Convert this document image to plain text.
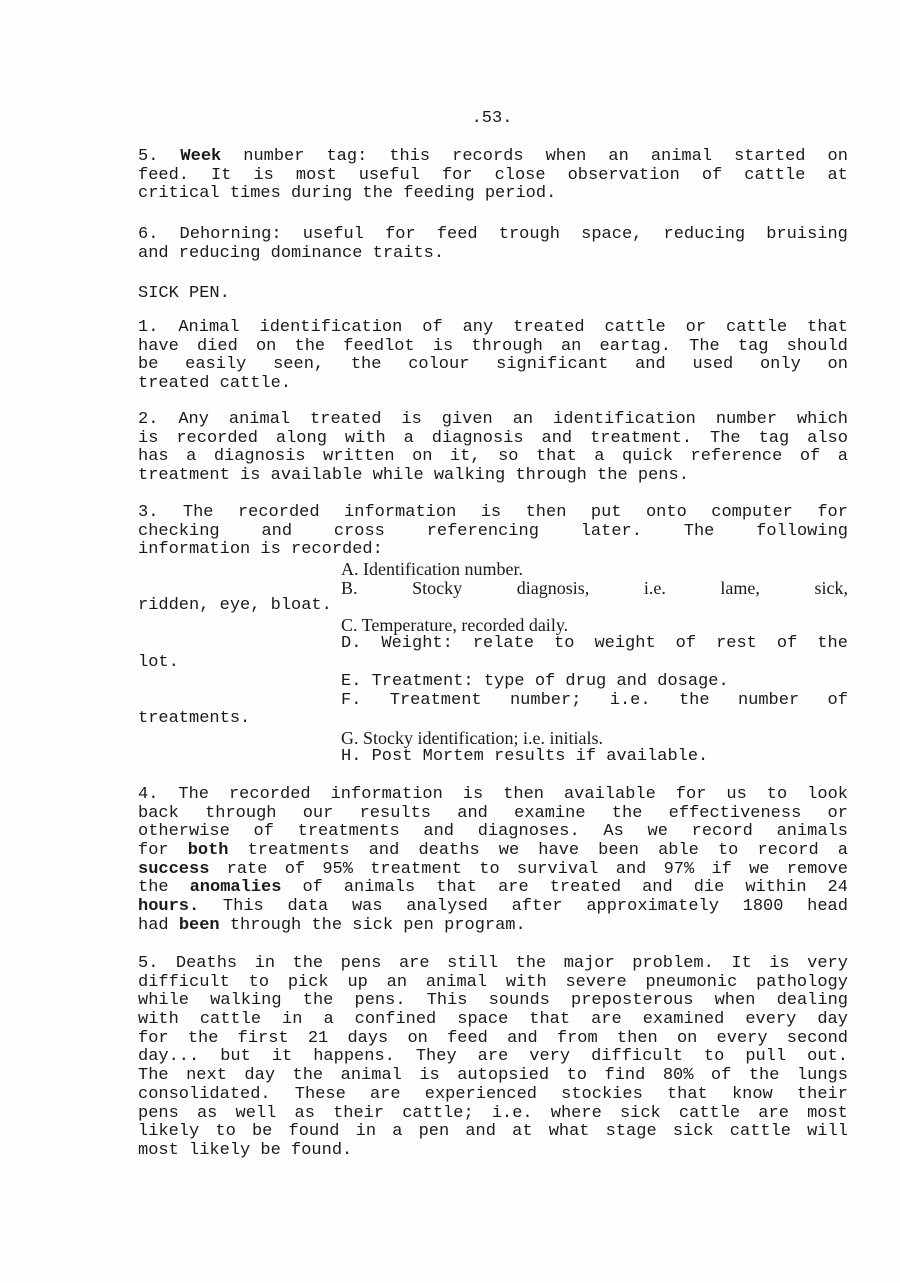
.53.
5. Week number tag: this records when an animal started on
feed. It is most useful for close observation of cattle at
critical times during the feeding period.
6. Dehorning: useful for feed trough space, reducing bruising
and reducing dominance traits.
SICK PEN.
1. Animal identification of any treated cattle or cattle that
have died on the feedlot is through an eartag. The tag should
be easily seen, the colour significant and used only on
treated cattle.
2. Any animal treated is given an identification number which
is recorded along with a diagnosis and treatment. The tag also
has a diagnosis written on it, so that a quick reference of a
treatment is available while walking through the pens.
3. The recorded information is then put onto computer for
checking and cross referencing later. The following
information is recorded:
A. Identification number.
B.	Stocky	diagnosis,	i.e.	lame,	sick,
ridden, eye, bloat.
C. Temperature, recorded daily.
D. Weight: relate to weight of rest of the
lot.
E. Treatment: type of drug and dosage.
F. Treatment number; i.e. the number of
treatments.
G. Stocky identification; i.e. initials.
H. Post Mortem results if available.
4. The recorded information is then available for us to look
back through our results and examine the effectiveness or
otherwise of treatments and diagnoses. As we record animals
for both treatments and deaths we have been able to record a
success rate of 95% treatment to survival and 97% if we remove
the anomalies of animals that are treated and die within 24
hours. This data was analysed after approximately 1800 head
had been through the sick pen program.
5. Deaths in the pens are still the major problem. It is very
difficult to pick up an animal with severe pneumonic pathology
while walking the pens. This sounds preposterous when dealing
with cattle in a confined space that are examined every day
for the first 21 days on feed and from then on every second
day... but it happens. They are very difficult to pull out.
The next day the animal is autopsied to find 80% of the lungs
consolidated. These are experienced stockies that know their
pens as well as their cattle; i.e. where sick cattle are most
likely to be found in a pen and at what stage sick cattle will
most likely be found.
